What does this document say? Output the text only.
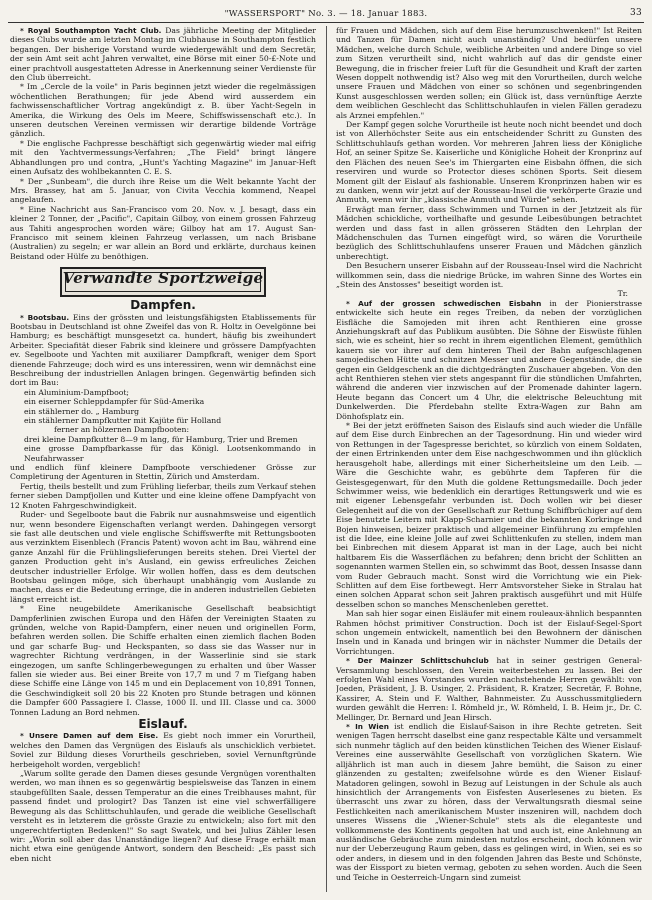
"WASSERSPORT" No. 3. — 18. Januar 1883.	33

* Royal Southampton Yacht Club. Das jährliche Meeting der Mitglieder dieses Clubs wurde am letzten Montag im Clubhause in Southampton festlich begangen. Der bisherige Vorstand wurde wiedergewählt und dem Secretär, der sein Amt seit acht Jahren verwaltet, eine Börse mit einer 50-£-Note und einer prachtvoll ausgestatteten Adresse in Anerkennung seiner Verdienste für den Club überreicht.

* Im „Cercle de la voile" in Paris beginnen jetzt wieder die regelmässigen wöchentlichen Berathungen; für jede Abend wird ausserdem ein fachwissenschaftlicher Vortrag angekündigt z. B. über Yacht-Segeln in Amerika, die Wirkung des Oels im Meere, Schiffswissenschaft etc.). In unseren deutschen Vereinen vermissen wir derartige bildende Vorträge gänzlich.

* Die englische Fachpresse beschäftigt sich gegenwärtig wieder mal eifrig mit den Yachtvermessungs-Verfahren; „The Field" bringt längere Abhandlungen pro und contra, „Hunt's Yachting Magazine" im Januar-Heft einen Aufsatz des wohlbekannten C. E. S.

* Der „Sunbeam", die durch ihre Reise um die Welt bekannte Yacht der Mrs. Brassey, hat am 5. Januar, von Civita Vecchia kommend, Neapel angelaufen.

* Eine Nachricht aus San-Francisco vom 20. Nov. v. J. besagt, dass ein kleiner 2 Tonner, der „Pacific", Capitain Gilboy, von einem grossen Fahrzeug aus Tahiti angesprochen worden wäre; Gilboy hat am 17. August San-Francisco mit seinem kleinen Fahrzeug verlassen, um nach Brisbane (Australien) zu segeln; er war allein an Bord und erklärte, durchaus keinen Beistand oder Hülfe zu benöthigen.

Verwandte Sportzweige
Dampfen.

* Bootsbau. Eins der grössten und leistungsfähigsten Etablissements für Bootsbau in Deutschland ist ohne Zweifel das von R. Holtz in Oevelgönne bei Hamburg; es beschäftigt munsgesetzt ca. hundert, häufig bis zweihundert Arbeiter. Speciafität dieser Fabrik sind kleinere und grössere Dampfyachten ev. Segelboote und Yachten mit auxiliarer Dampfkraft, weniger dem Sport dienende Fahrzeuge; doch wird es uns interessiren, wenn wir demnächst eine Beschreibung der industriellen Anlagen bringen. Gegenwärtig befinden sich dort im Bau:

ein Aluminium-Dampfboot;

ein eiserner Schleppdampfer für Süd-Amerika

ein stählerner do. „ Hamburg

ein stählerner Dampfkutter mit Kajüte für Holland

ferner an hölzernen Dampfbooten:

drei kleine Dampfkutter 8—9 m lang, für Hamburg, Trier und Bremen

eine grosse Dampfbarkasse für das Königl. Lootsenkommando in Neufahrwasser

und endlich fünf kleinere Dampfboote verschiedener Grösse zur Completirung der Agenturen in Stettin, Zürich und Amsterdam.

Fertig, theils bestellt und zum Frühling lieferbar, theils zum Verkauf stehen ferner sieben Dampfjollen und Kutter und eine kleine offene Dampfyacht von 12 Knoten Fahrgeschwindigkeit.

Ruder- und Segelboote baut die Fabrik nur ausnahmsweise und eigentlich nur, wenn besondere Eigenschaften verlangt werden. Dahingegen versorgt sie fast alle deutschen und viele englische Schiffswerfte mit Rettungsbooten aus verzinktem Eisenblech (Francis Patent) wovon acht im Bau, während eine ganze Anzahl für die Frühlingslieferungen bereits stehen. Drei Viertel der ganzen Production geht in's Ausland, ein gewiss erfreuliches Zeichen deutscher industrieller Erfolge. Wir wollen hoffen, dass es dem deutschen Bootsbau gelingen möge, sich überhaupt unabhängig vom Auslande zu machen, dass er die Bedeutung erringe, die in anderen industriellen Gebieten längst erreicht ist.

* Eine neugebildete Amerikanische Gesellschaft beabsichtigt Dampferlinien zwischen Europa und den Häfen der Vereinigten Staaten zu gründen, welche von Rapid-Dampfern, einer neuen und originellen Form, befahren werden sollen. Die Schiffe erhalten einen ziemlich flachen Boden und gar scharfe Bug- und Heckspanten, so dass sie das Wasser nur in wagrechter Richtung verdrängen, in der Wasserlinie sind sie stark eingezogen, um sanfte Schlingerbewegungen zu erhalten und über Wasser fallen sie wieder aus. Bei einer Breite von 17,7 m und 7 m Tiefgang haben diese Schiffe eine Länge von 145 m und ein Deplacement von 10,891 Tonnen, die Geschwindigkeit soll 20 bis 22 Knoten pro Stunde betragen und können die Dampfer 600 Passagiere I. Classe, 1000 II. und III. Classe und ca. 3000 Tonnen Ladung an Bord nehmen.

Eislauf.

* Unsere Damen auf dem Eise. Es giebt noch immer ein Vorurtheil, welches den Damen das Vergnügen des Eislaufs als unschicklich verbietet. Soviel zur Bildung dieses Vorurtheils geschrieben, soviel Vernunftgründe herbeigeholt worden, vergeblich!

„Warum sollte gerade den Damen dieses gesunde Vergnügen vorenthalten werden, wo man ihnen es so gegenwärtig bespielsweise das Tanzen in einem staubgefüllten Saale, dessen Temperatur an die eines Treibhauses mahnt, für passend findet und prologirt? Das Tanzen ist eine viel schwerfälligere Bewegung als das Schlittschuhlaufen, und gerade die weibliche Gesellschaft versteht es in letzterem die grösste Grazie zu entwickeln; also fort mit den ungerechtfertigten Bedenken!" So sagt Swatek, und bei Julius Zähler lesen wir: „Worin soll aber das Unanständige liegen? Auf diese Frage erhält man nicht etwa eine genügende Antwort, sondern den Bescheid: „Es passt sich eben nicht

für Frauen und Mädchen, sich auf dem Eise herumzuschwenken!" Ist Reiten und Tanzen für Damen nicht auch unanständig? Und bedürfen unsere Mädchen, welche durch Schule, weibliche Arbeiten und andere Dinge so viel zum Sitzen verurtheilt sind, nicht wahrlich auf das dir gendste einer Bewegung, die in frischer freier Luft für die Gesundheit und Kraft der zarten Wesen doppelt nothwendig ist? Also weg mit den Vorurtheilen, durch welche unsere Frauen und Mädchen von einer so schönen und segenbringenden Kunst ausgeschlossen werden sollen; ein Glück ist, dass vernünftige Aerzte dem weiblichen Geschlecht das Schlittschuhlaufen in vielen Fällen geradezu als Arznei empfehlen."

Der Kampf gegen solche Vorurtheile ist heute noch nicht beendet und doch ist von Allerhöchster Seite aus ein entscheidender Schritt zu Gunsten des Schlittschuhlaufs gethan worden. Vor mehreren Jahren liess der Königliche Hof, an seiner Spitze Se. Kaiserliche und Königliche Hoheit der Kronprinz auf den Flächen des neuen See's im Thiergarten eine Eisbahn öffnen, die sich reserviren und wurde so Protector dieses schönen Sports. Seit diesem Moment gilt der Eislauf als fashionable. Unserem Kronprinzen haben wir es zu danken, wenn wir jetzt auf der Rousseau-Insel die verkörperte Grazie und Anmuth, wenn wir ihr „klassische Anmuth und Würde" sehen.

Erwägt man ferner, dass Schwimmen und Turnen in der Jetztzeit als für Mädchen schickliche, vortheilhafte und gesunde Leibesübungen betrachtet werden und dass fast in allen grösseren Städten den Lehrplan der Mädchenschulen das Turnen eingefügt wird, so wären die Vorurtheile bezüglich des Schlittschuhlaufens unserer Frauen und Mädchen gänzlich unberechtigt.

Den Besuchern unserer Eisbahn auf der Rousseau-Insel wird die Nachricht willkommen sein, dass die niedrige Brücke, im wahren Sinne des Wortes ein „Stein des Anstosses" beseitigt worden ist.

Tr.

* Auf der grossen schwedischen Eisbahn in der Pionierstrasse entwickelte sich heute ein reges Treiben, da neben der vorzüglichen Eisfläche die Samojeden mit ihren acht Renthieren eine grosse Anziehungskraft auf das Publikum ausübten. Die Söhne der Eiswüste fühlen sich, wie es scheint, hier so recht in ihrem eigentlichen Element, gemüthlich kauern sie vor ihrer auf dem hinteren Theil der Bahn aufgeschlagenen samojedischen Hütte und schnitzen Messer und andere Gegenstände, die sie gegen ein Geldgeschenk an die dichtgedrängten Zuschauer abgeben. Von den acht Renthieren stehen vier stets angespannt für die stündlichen Umfahrten, während die anderen vier inzwischen auf der Promenade dahinter lagern. Heute begann das Concert um 4 Uhr, die elektrische Beleuchtung mit Dunkelwerden. Die Pferdebahn stellte Extra-Wagen zur Bahn am Dönhofsplatz ein.

* Bei der jetzt eröffneten Saison des Eislaufs sind auch wieder die Unfälle auf dem Eise durch Einbrechen an der Tagesordnung. Hin und wieder wird von Rettungen in der Tagespresse berichtet, so kürzlich von einem Soldaten, der einen Ertrinkenden unter dem Eise nachgeschwommen und ihn glücklich herausgeholt habe, allerdings mit einer Sicherheitsleine um den Leib. — Wäre die Geschichte wahr, es gebührte dem Tapferen für die Geistesgegenwart, für den Muth die goldene Rettungsmedaille. Doch jeder Schwimmer weiss, wie bedenklich ein derartiges Rettungswerk und wie es mit eigener Lebensgefahr verbunden ist. Doch wollen wir bei dieser Gelegenheit auf die von der Gesellschaft zur Rettung Schiffbrüchiger auf dem Eise benutzte Leitern mit Klapp-Scharnier und die bekannten Korkringe und Bojen hinweisen, beizer praktisch und allgemeiner Einführung zu empfehlen ist die Idee, eine kleine Jolle auf zwei Schlittenkufen zu stellen, indem man bei Einbrechen mit diesem Apparat ist man in der Lage, auch bei nicht haltbarem Eis die Wasserflächen zu befahren; denn bricht der Schlitten an sogenannten warmen Stellen ein, so schwimmt das Boot, dessen Insasse dann vom Ruder Gebrauch macht. Sonst wird die Vorrichtung wie ein Piek-Schlitten auf dem Eise fortbewegt. Herr Amtsvorsteher Sieke in Stralau hat einen solchen Apparat schon seit Jahren praktisch ausgeführt und mit Hülfe desselben schon so manches Menschenleben gerettet.

Man sah hier sogar einen Eisläufer mit einem rouleaux-ähnlich bespannten Rahmen höchst primitiver Construction. Doch ist der Eislauf-Segel-Sport schon ungemein entwickelt, namentlich bei den Bewohnern der dänischen Inseln und in Kanada und bringen wir in nächster Nummer die Details der Vorrichtungen.

* Der Mainzer Schlittschuhclub hat in seiner gestrigen General-Versammlung beschlossen, den Verein weiterbestehen zu lassen. Bei der erfolgten Wahl eines Vorstandes wurden nachstehende Herren gewählt: von Joeden, Präsident, J. B. Usinger, 2. Präsident, R. Kratzer, Secretär, F. Bohne, Kassirer, A. Stein und F. Walther, Bahnmeister. Zu Ausschussmitgliedern wurden gewählt die Herren: I. Römheld jr., W. Römheld, I. B. Heim jr., Dr. C. Mellinger, Dr. Bernard und Jean Hirsch.

* In Wien ist endlich die Eislauf-Saison in ihre Rechte getreten. Seit wenigen Tagen herrscht daselbst eine ganz respectable Kälte und versammelt sich nunmehr täglich auf den beiden künstlichen Teichen des Wiener Eislauf-Vereines eine ausserwählte Gesellschaft von vorzüglichen Skatern. Wie alljährlich ist man auch in diesem Jahre bemüht, die Saison zu einer glänzenden zu gestalten; zweifelsohne würde es den Wiener Eislauf-Matadoren gelingen, sowohl in Bezug auf Leistungen in der Schule als auch hinsichtlich der Arrangements von Eisfesten Auserlesenes zu bieten. Es überrascht uns zwar zu hören, dass der Verwaltungsrath diesmal seine Festlichkeiten nach amerikanischem Muster inszeniren will, nachdem doch unseres Wissens die „Wiener-Schule" stets als die eleganteste und vollkommenste des Kontinents gegolten hat und auch ist, eine Anlehnung an ausländische Gebräuche zum mindesten nutzlos erscheint, doch können wir nur der Ueberzeugung Raum geben, dass es gelingen wird, in Wien, sei es so oder anders, in diesem und in den folgenden Jahren das Beste und Schönste, was der Eissport zu bieten vermag, geboten zu sehen worden. Auch die Seen und Teiche in Oesterreich-Ungarn sind zumeist
